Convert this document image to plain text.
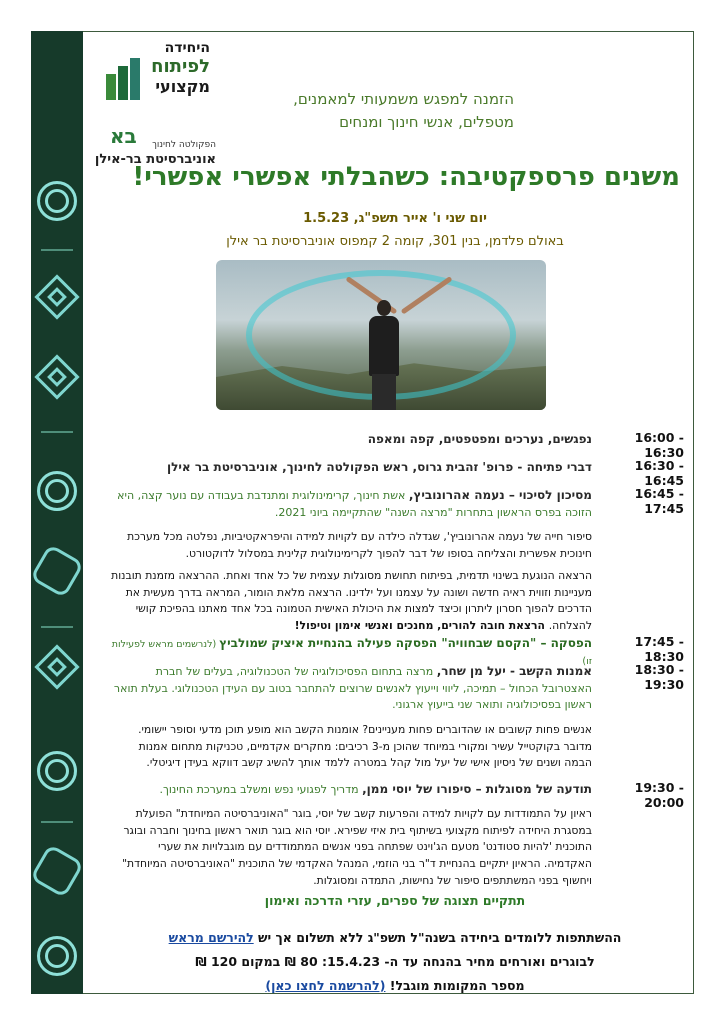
היחידה
לפיתוח
מקצועי
בא הפקולטה לחינוך
אוניברסיטת בר-אילן
הזמנה למפגש משמעותי למאמנים,
מטפלים, אנשי חינוך ומנחים
משנים פרספקטיבה: כשהבלתי אפשרי אפשרי!
יום שני ו' אייר תשפ"ג, 1.5.23
באולם פלדמן, בנין 301, קומה 2 קמפוס אוניברסיטת בר אילן
16:00 - 16:30
נפגשים, נערכים ומפטפטים, קפה ומאפה
16:30 - 16:45
דברי פתיחה - פרופ' זהבית גרוס, ראש הפקולטה לחינוך, אוניברסיטת בר אילן
16:45 - 17:45
מסיכון לסיכוי – נעמה אהרונוביץ, אשת חינוך, קרימינולוגית ומתנדבת בעבודה עם נוער קצה, היא הזוכה בפרס הראשון בתחרות "מרצה השנה" שהתקיימה ביוני 2021.
סיפור חייה של נעמה אהרונוביץ', שגדלה כילדה עם לקויות למידה והיפראקטיביות, נפלטה מכל מערכת חינוכית אפשרית והצליחה בסופו של דבר להפוך לקרימינולוגית קלינית במסלול לדוקטורט.
הרצאה הנוגעת בשינוי תדמית, בפיתוח תחושת מסוגלות עצמית של כל אחד ואחת. ההרצאה מזמנת תובנות מעניינות וזווית ראיה חדשה ושונה על עצמנו ועל ילדינו. הרצאה מלאת הומור, המראה בדרך מעשית את הדרכים להפוך חסרון ליתרון וכיצד למצות את היכולת האישית הטמונה בכל אחד מאתנו בהפיכת קושי להצלחה. הרצאת חובה להורים, מחנכים ואנשי אימון וטיפול!
17:45 - 18:30
הפסקה – "הקסם שבחוויה" הפסקה פעילה בהנחיית איציק שמולביץ (לנרשמים מראש לפעילות זו)
18:30 - 19:30
אמנות הקשב - יעל מן שחר, מרצה בתחום הפסיכולוגיה של הטכנולוגיה, בעלים של חברת האצטרובל הכחול – תמיכה, ליווי וייעוץ לאנשים שרוצים להתחבר בטוב עם העידן הטכנולוגי. בעלת תואר ראשון בפסיכולוגיה ותואר שני בייעוץ ארגוני.
אנשים פחות קשובים או שהדוברים פחות מעניינים? אומנות הקשב הוא מופע תוכן מדעי וסופר יישומי. מדובר בקוקטייל עשיר ומקורי במיוחד שהוכן מ-3 רכיבים: מחקרים אקדמיים, טכניקות מתחום אמנות הבמה ושנים של ניסיון אישי של יעל מול קהל במטרה ללמד אותך להשיג קשב דווקא בעידן דיגיטלי.
19:30 - 20:00
תודעה של מסוגלות – סיפורו של יוסי ממן, מדריך לפגועי נפש ומשלב במערכת החינוך.
ראיון על התמודדות עם לקויות למידה והפרעות קשב של יוסי, בוגר "האוניברסיטה המיוחדת" הפועלת במסגרת היחידה לפיתוח מקצועי בשיתוף בית איזי שפירא. יוסי הוא בוגר תואר ראשון בחינוך וחברה ובוגר התוכנית 'להיות סטודנט' מטעם הג'וינט שפתחה בפני אנשים המתמודדים עם מוגבלויות את שערי האקדמיה. הראיון יתקיים בהנחיית ד"ר בני הוזמי, המנהל האקדמי של התוכנית "האוניברסיטה המיוחדת" ויחשוף בפני המשתתפים סיפור של נחישות, התמדה ומסוגלות.
תתקיים תצוגה של ספרים, עזרי הדרכה ואימון
ההשתתפות ללומדים ביחידה בשנה"ל תשפ"ג ללא תשלום אך יש להירשם מראש
לבוגרים ואורחים מחיר בהנחה עד ה- 15.4.23: 80 ₪ במקום 120 ₪
מספר המקומות מוגבל! (להרשמה לחצו כאן)
